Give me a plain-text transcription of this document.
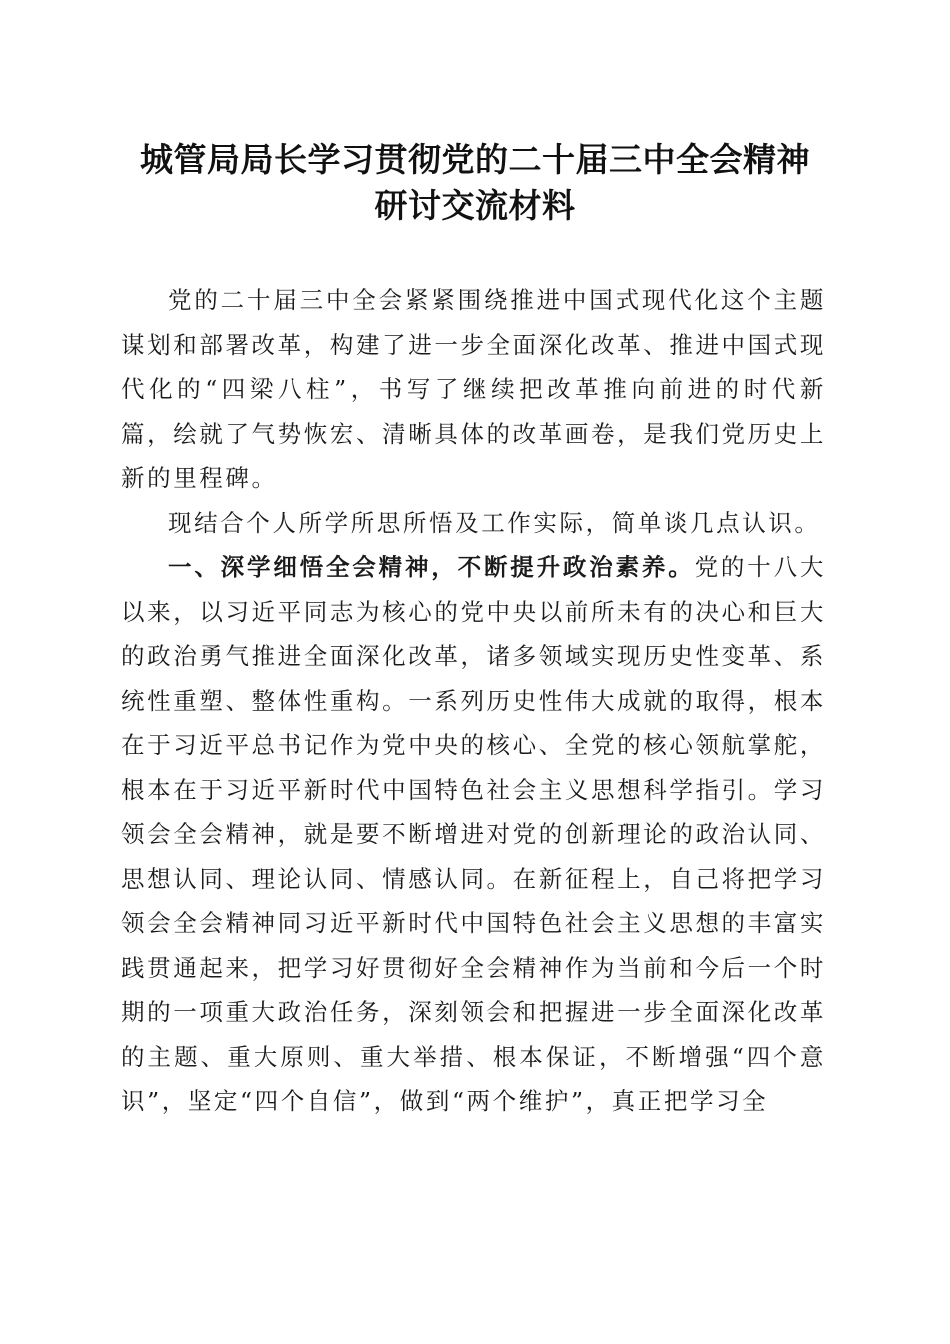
城管局局长学习贯彻党的二十届三中全会精神
研讨交流材料

党的二十届三中全会紧紧围绕推进中国式现代化这个主题谋划和部署改革，构建了进一步全面深化改革、推进中国式现代化的“四梁八柱”，书写了继续把改革推向前进的时代新篇，绘就了气势恢宏、清晰具体的改革画卷，是我们党历史上新的里程碑。

现结合个人所学所思所悟及工作实际，简单谈几点认识。

一、深学细悟全会精神，不断提升政治素养。党的十八大以来，以习近平同志为核心的党中央以前所未有的决心和巨大的政治勇气推进全面深化改革，诸多领域实现历史性变革、系统性重塑、整体性重构。一系列历史性伟大成就的取得，根本在于习近平总书记作为党中央的核心、全党的核心领航掌舵，根本在于习近平新时代中国特色社会主义思想科学指引。学习领会全会精神，就是要不断增进对党的创新理论的政治认同、思想认同、理论认同、情感认同。在新征程上，自己将把学习领会全会精神同习近平新时代中国特色社会主义思想的丰富实践贯通起来，把学习好贯彻好全会精神作为当前和今后一个时期的一项重大政治任务，深刻领会和把握进一步全面深化改革的主题、重大原则、重大举措、根本保证，不断增强“四个意识”，坚定“四个自信”，做到“两个维护”，真正把学习全
